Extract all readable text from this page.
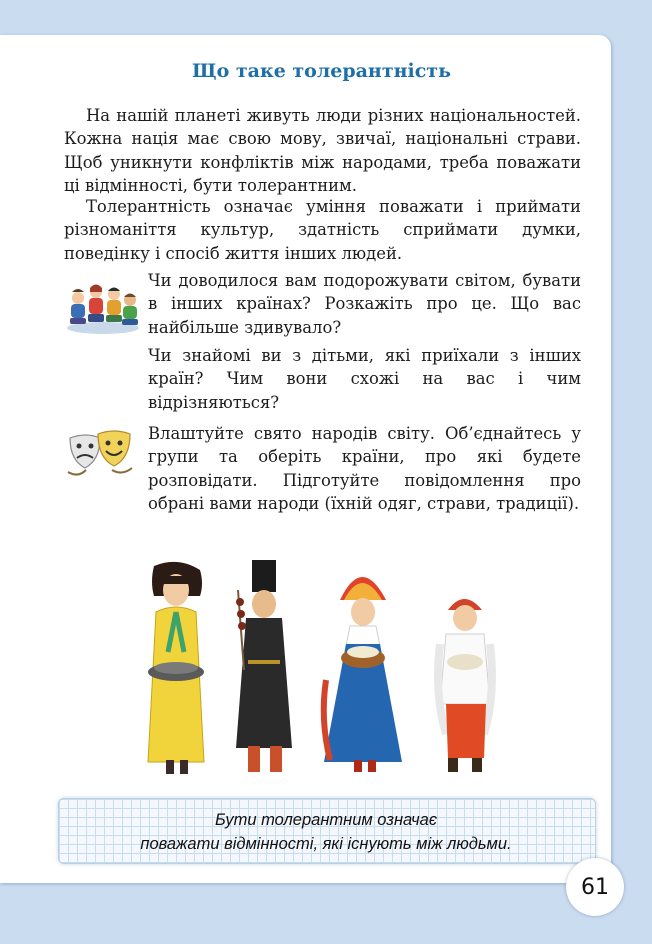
Що таке толерантність
На нашій планеті живуть люди різних національностей. Кожна нація має свою мову, звичаї, національні страви. Щоб уникнути конфліктів між народами, треба поважати ці відмінності, бути толерантним.
Толерантність означає уміння поважати і приймати різноманіття культур, здатність сприймати думки, поведінку і спосіб життя інших людей.
Чи доводилося вам подорожувати світом, бувати в інших країнах? Розкажіть про це. Що вас найбільше здивувало?
Чи знайомі ви з дітьми, які приїхали з інших країн? Чим вони схожі на вас і чим відрізняються?
Влаштуйте свято народів світу. Об’єднайтесь у групи та оберіть країни, про які будете розповідати. Підготуйте повідомлення про обрані вами народи (їхній одяг, страви, традиції).
Бути толерантним означає
поважати відмінності, які існують між людьми.
61
